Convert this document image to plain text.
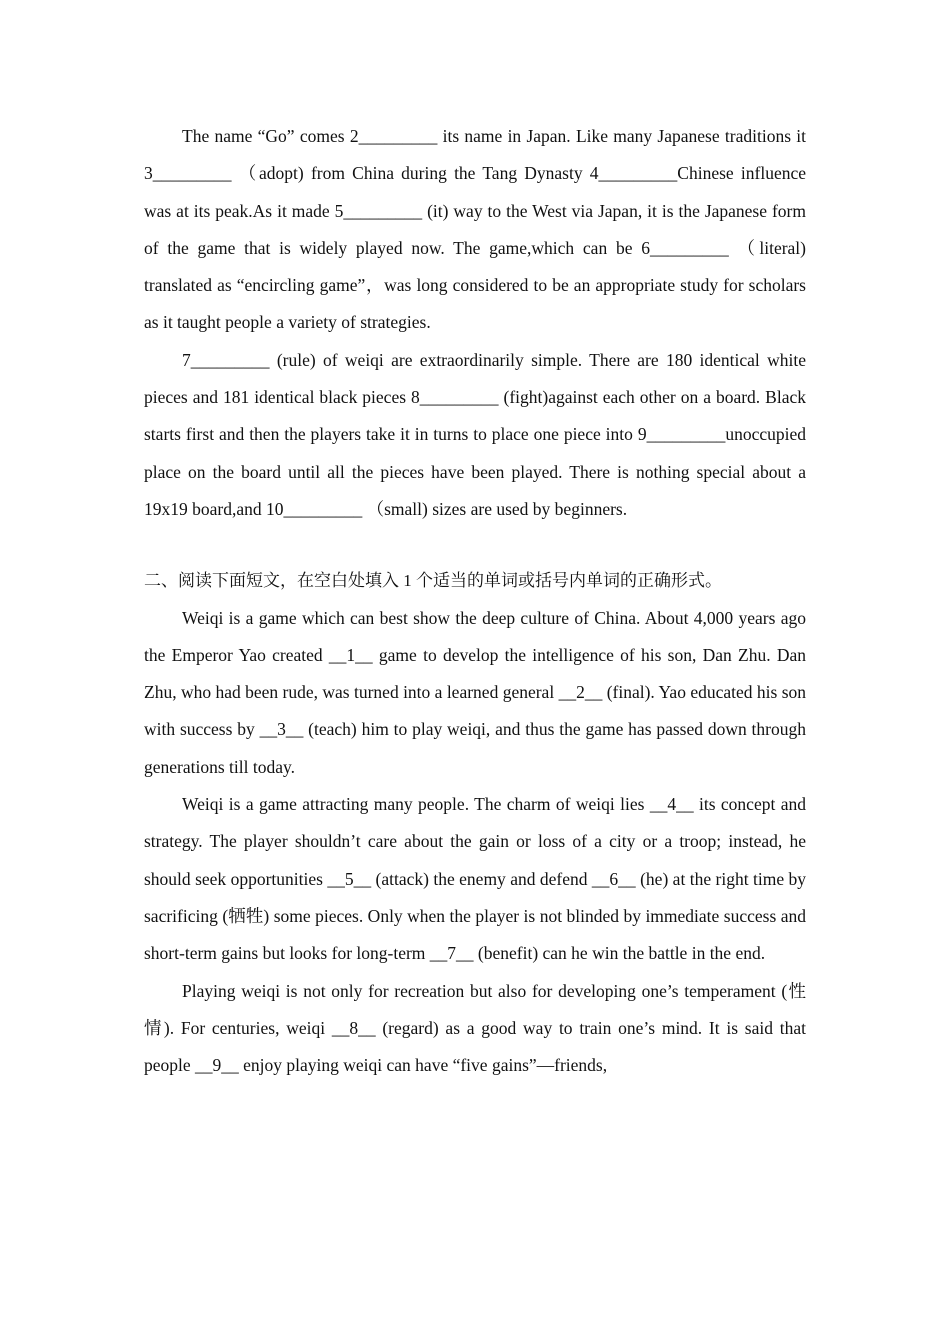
The name “Go” comes 2_________ its name in Japan. Like many Japanese traditions it 3_________ （adopt) from China during the Tang Dynasty 4_________Chinese influence was at its peak.As it made 5_________ (it) way to the West via Japan, it is the Japanese form of the game that is widely played now. The game,which can be 6_________ （literal) translated as “encircling game”，was long considered to be an appropriate study for scholars as it taught people a variety of strategies.

7_________ (rule) of weiqi are extraordinarily simple. There are 180 identical white pieces and 181 identical black pieces 8_________ (fight)against each other on a board. Black starts first and then the players take it in turns to place one piece into 9_________unoccupied place on the board until all the pieces have been played. There is nothing special about a 19x19 board,and 10_________ （small) sizes are used by beginners.

二、阅读下面短文，在空白处填入 1 个适当的单词或括号内单词的正确形式。

Weiqi is a game which can best show the deep culture of China. About 4,000 years ago the Emperor Yao created __1__ game to develop the intelligence of his son, Dan Zhu. Dan Zhu, who had been rude, was turned into a learned general __2__ (final). Yao educated his son with success by __3__ (teach) him to play weiqi, and thus the game has passed down through generations till today.

Weiqi is a game attracting many people. The charm of weiqi lies __4__ its concept and strategy. The player shouldn’t care about the gain or loss of a city or a troop; instead, he should seek opportunities __5__ (attack) the enemy and defend __6__ (he) at the right time by sacrificing (牺牲) some pieces. Only when the player is not blinded by immediate success and short-term gains but looks for long-term __7__ (benefit) can he win the battle in the end.

Playing weiqi is not only for recreation but also for developing one’s temperament (性情). For centuries, weiqi __8__ (regard) as a good way to train one’s mind. It is said that people __9__ enjoy playing weiqi can have “five gains”—friends,
